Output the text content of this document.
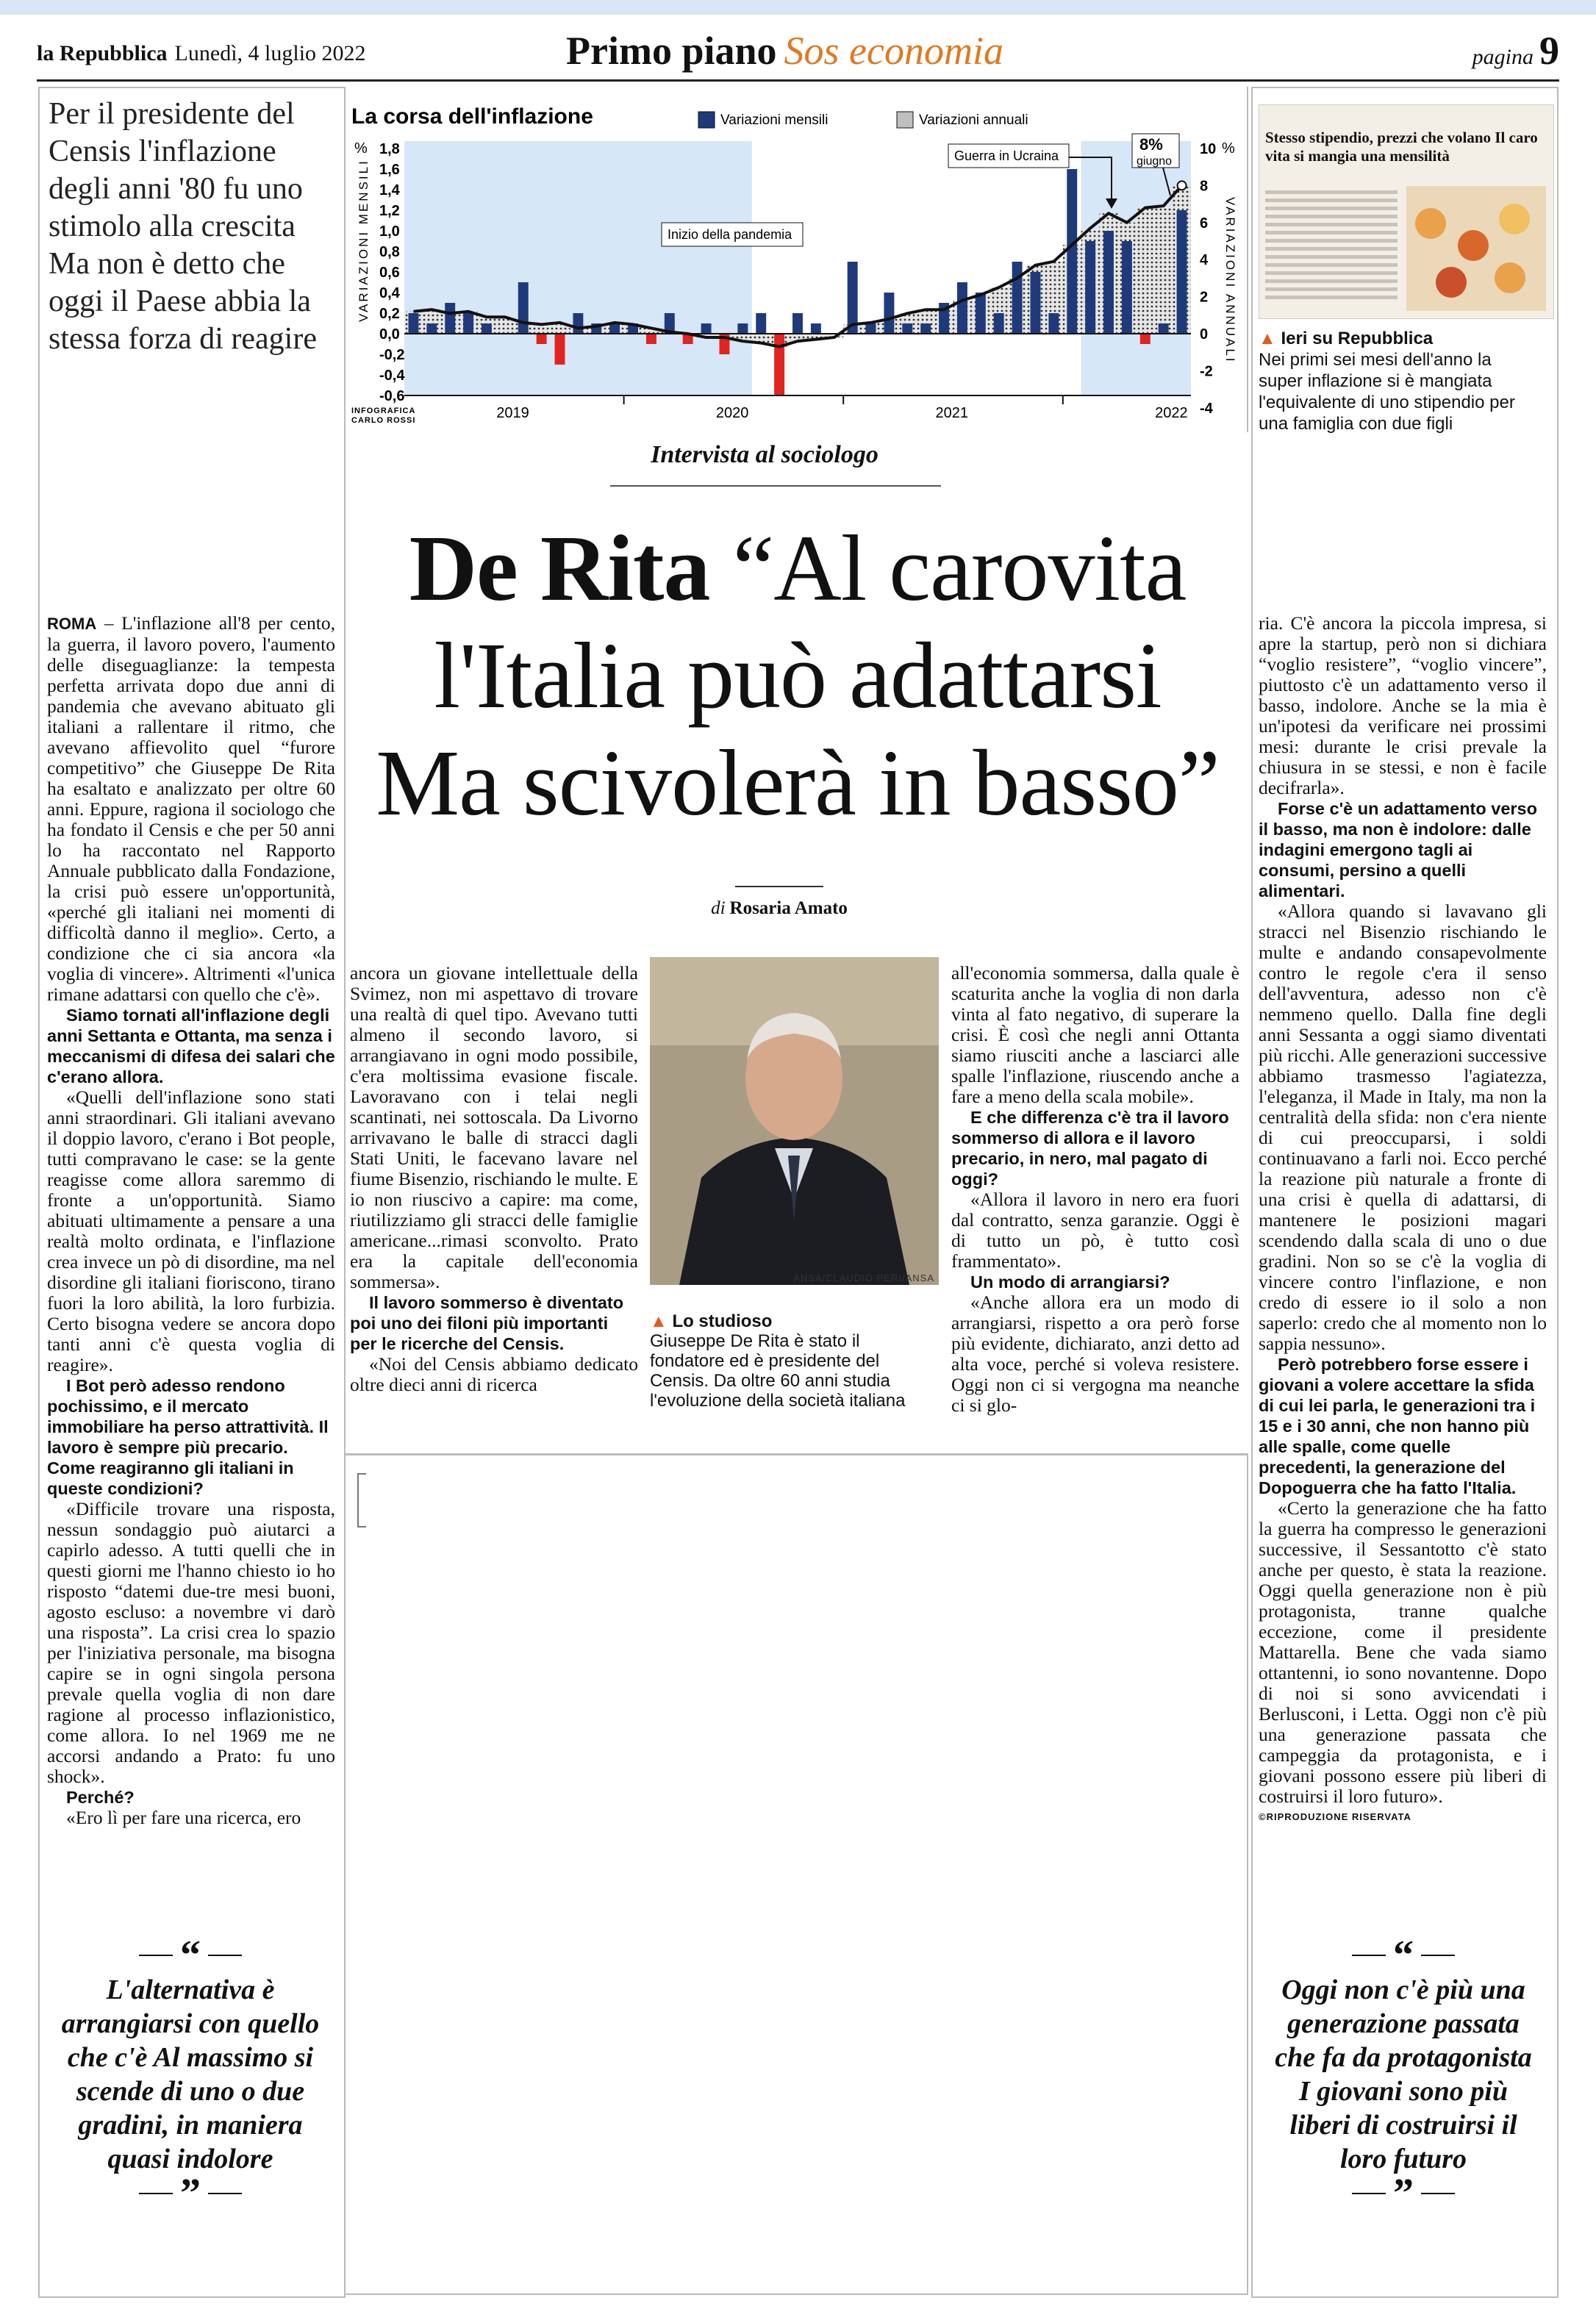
la Repubblica Lunedì, 4 luglio 2022	Primo piano Sos economia	pagina 9
Per il presidente del Censis l'inflazione degli anni '80 fu uno stimolo alla crescita Ma non è detto che oggi il Paese abbia la stessa forza di reagire
La corsa dell'inflazione	Variazioni mensili	Variazioni annuali
%	%
VARIAZIONI MENSILI	VARIAZIONI ANNUALI
1,8
1,6
1,4
1,2
1,0
0,8
0,6
0,4
0,2
0,0
-0,2
-0,4
-0,6
10
8
6
4
2
0
-2
-4
2019	2020	2021	2022
INFOGRAFICA
CARLO ROSSI
Inizio della pandemia
Guerra in Ucraina
8%
giugno
Stesso stipendio, prezzi che volano Il caro vita si mangia una mensilità
▲ Ieri su Repubblica
Nei primi sei mesi dell'anno la super inflazione si è mangiata l'equivalente di uno stipendio per una famiglia con due figli
Intervista al sociologo
De Rita “Al carovita
l'Italia può adattarsi
Ma scivolerà in basso”
di Rosaria Amato

ROMA – L'inflazione all'8 per cento, la guerra, il lavoro povero, l'aumento delle diseguaglianze: la tempesta perfetta arrivata dopo due anni di pandemia che avevano abituato gli italiani a rallentare il ritmo, che avevano affievolito quel “furore competitivo” che Giuseppe De Rita ha esaltato e analizzato per oltre 60 anni. Eppure, ragiona il sociologo che ha fondato il Censis e che per 50 anni lo ha raccontato nel Rapporto Annuale pubblicato dalla Fondazione, la crisi può essere un'opportunità, «perché gli italiani nei momenti di difficoltà danno il meglio». Certo, a condizione che ci sia ancora «la voglia di vincere». Altrimenti «l'unica rimane adattarsi con quello che c'è».

Siamo tornati all'inflazione degli anni Settanta e Ottanta, ma senza i meccanismi di difesa dei salari che c'erano allora.

«Quelli dell'inflazione sono stati anni straordinari. Gli italiani avevano il doppio lavoro, c'erano i Bot people, tutti compravano le case: se la gente reagisse come allora saremmo di fronte a un'opportunità. Siamo abituati ultimamente a pensare a una realtà molto ordinata, e l'inflazione crea invece un pò di disordine, ma nel disordine gli italiani fioriscono, tirano fuori la loro abilità, la loro furbizia. Certo bisogna vedere se ancora dopo tanti anni c'è questa voglia di reagire».

I Bot però adesso rendono pochissimo, e il mercato immobiliare ha perso attrattività. Il lavoro è sempre più precario. Come reagiranno gli italiani in queste condizioni?

«Difficile trovare una risposta, nessun sondaggio può aiutarci a capirlo adesso. A tutti quelli che in questi giorni me l'hanno chiesto io ho risposto “datemi due-tre mesi buoni, agosto escluso: a novembre vi darò una risposta”. La crisi crea lo spazio per l'iniziativa personale, ma bisogna capire se in ogni singola persona prevale quella voglia di non dare ragione al processo inflazionistico, come allora. Io nel 1969 me ne accorsi andando a Prato: fu uno shock».

Perché?

«Ero lì per fare una ricerca, ero

ancora un giovane intellettuale della Svimez, non mi aspettavo di trovare una realtà di quel tipo. Avevano tutti almeno il secondo lavoro, si arrangiavano in ogni modo possibile, c'era moltissima evasione fiscale. Lavoravano con i telai negli scantinati, nei sottoscala. Da Livorno arrivavano le balle di stracci dagli Stati Uniti, le facevano lavare nel fiume Bisenzio, rischiando le multe. E io non riuscivo a capire: ma come, riutilizziamo gli stracci delle famiglie americane...rimasi sconvolto. Prato era la capitale dell'economia sommersa».

Il lavoro sommerso è diventato poi uno dei filoni più importanti per le ricerche del Censis.

«Noi del Censis abbiamo dedicato oltre dieci anni di ricerca

ANSA/CLAUDIO PERI/ANSA
▲ Lo studioso
Giuseppe De Rita è stato il fondatore ed è presidente del Censis. Da oltre 60 anni studia l'evoluzione della società italiana

all'economia sommersa, dalla quale è scaturita anche la voglia di non darla vinta al fato negativo, di superare la crisi. È così che negli anni Ottanta siamo riusciti anche a lasciarci alle spalle l'inflazione, riuscendo anche a fare a meno della scala mobile».

E che differenza c'è tra il lavoro sommerso di allora e il lavoro precario, in nero, mal pagato di oggi?

«Allora il lavoro in nero era fuori dal contratto, senza garanzie. Oggi è di tutto un pò, è tutto così frammentato».

Un modo di arrangiarsi?

«Anche allora era un modo di arrangiarsi, rispetto a ora però forse più evidente, dichiarato, anzi detto ad alta voce, perché si voleva resistere. Oggi non ci si vergogna ma neanche ci si glo-

ria. C'è ancora la piccola impresa, si apre la startup, però non si dichiara “voglio resistere”, “voglio vincere”, piuttosto c'è un adattamento verso il basso, indolore. Anche se la mia è un'ipotesi da verificare nei prossimi mesi: durante le crisi prevale la chiusura in se stessi, e non è facile decifrarla».

Forse c'è un adattamento verso il basso, ma non è indolore: dalle indagini emergono tagli ai consumi, persino a quelli alimentari.

«Allora quando si lavavano gli stracci nel Bisenzio rischiando le multe e andando consapevolmente contro le regole c'era il senso dell'avventura, adesso non c'è nemmeno quello. Dalla fine degli anni Sessanta a oggi siamo diventati più ricchi. Alle generazioni successive abbiamo trasmesso l'agiatezza, l'eleganza, il Made in Italy, ma non la centralità della sfida: non c'era niente di cui preoccuparsi, i soldi continuavano a farli noi. Ecco perché la reazione più naturale a fronte di una crisi è quella di adattarsi, di mantenere le posizioni magari scendendo dalla scala di uno o due gradini. Non so se c'è la voglia di vincere contro l'inflazione, e non credo di essere io il solo a non saperlo: credo che al momento non lo sappia nessuno».

Però potrebbero forse essere i giovani a volere accettare la sfida di cui lei parla, le generazioni tra i 15 e i 30 anni, che non hanno più alle spalle, come quelle precedenti, la generazione del Dopoguerra che ha fatto l'Italia.

«Certo la generazione che ha fatto la guerra ha compresso le generazioni successive, il Sessantotto c'è stato anche per questo, è stata la reazione. Oggi quella generazione non è più protagonista, tranne qualche eccezione, come il presidente Mattarella. Bene che vada siamo ottantenni, io sono novantenne. Dopo di noi si sono avvicendati i Berlusconi, i Letta. Oggi non c'è più una generazione passata che campeggia da protagonista, e i giovani possono essere più liberi di costruirsi il loro futuro».

©RIPRODUZIONE RISERVATA

“
L'alternativa è arrangiarsi con quello che c'è Al massimo si scende di uno o due gradini, in maniera quasi indolore
”
“
Oggi non c'è più una generazione passata che fa da protagonista I giovani sono più liberi di costruirsi il loro futuro
”
